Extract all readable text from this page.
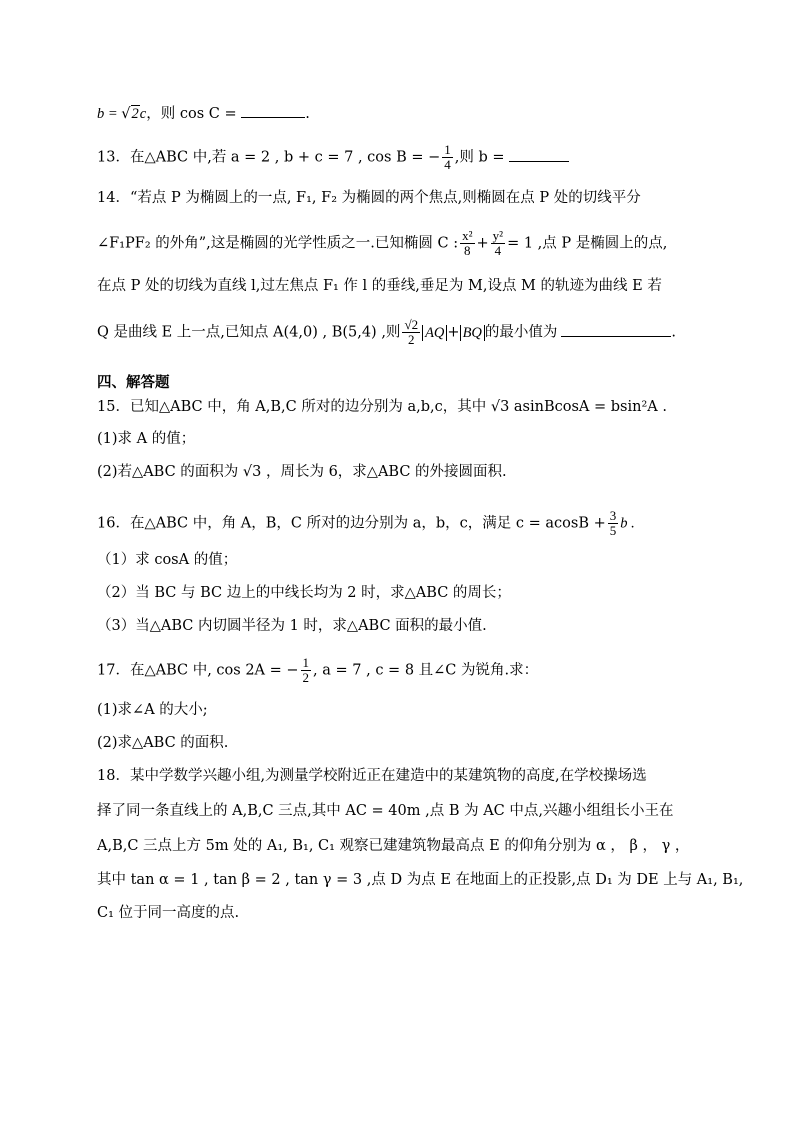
b = √2c，则 cos C =	.
13．在△ABC 中,若 a = 2 , b + c = 7 , cos B = − $\frac{1}{4}$ ,则 b =
14．“若点 P 为椭圆上的一点, F₁, F₂ 为椭圆的两个焦点,则椭圆在点 P 处的切线平分
∠F₁PF₂ 的外角”,这是椭圆的光学性质之一.已知椭圆 C : $\frac{\text{x²}}{8} + \frac{\text{y²}}{4} = 1$ ,点 P 是椭圆上的点,
在点 P 处的切线为直线 l,过左焦点 F₁ 作 l 的垂线,垂足为 M,设点 M 的轨迹为曲线 E 若
Q 是曲线 E 上一点,已知点 A(4,0) , B(5,4) ,则 $\frac{√2}{2}$ AQ + BQ 的最小值为	.
四、解答题
15．已知△ABC 中，角 A,B,C 所对的边分别为 a,b,c，其中 √3 asinBcosA = bsin²A .
(1)求 A 的值；
(2)若△ABC 的面积为 √3 ，周长为 6，求△ABC 的外接圆面积.
16．在△ABC 中，角 A，B，C 所对的边分别为 a，b，c，满足 $c = acosB + \frac{3}{5}$ b .
（1）求 cosA 的值；
（2）当 BC 与 BC 边上的中线长均为 2 时，求△ABC 的周长；
（3）当△ABC 内切圆半径为 1 时，求△ABC 面积的最小值.
17．在△ABC 中, cos 2A = − $\frac{1}{2}$ , a = 7 , c = 8 且∠C 为锐角.求：
(1)求∠A 的大小;
(2)求△ABC 的面积.
18．某中学数学兴趣小组,为测量学校附近正在建造中的某建筑物的高度,在学校操场选
择了同一条直线上的 A,B,C 三点,其中 AC = 40m ,点 B 为 AC 中点,兴趣小组组长小王在
A,B,C 三点上方 5m 处的 A₁, B₁, C₁ 观察已建建筑物最高点 E 的仰角分别为 α ， β ， γ ，
其中 tan α = 1 , tan β = 2 , tan γ = 3 ,点 D 为点 E 在地面上的正投影,点 D₁ 为 DE 上与 A₁, B₁,
C₁ 位于同一高度的点.
